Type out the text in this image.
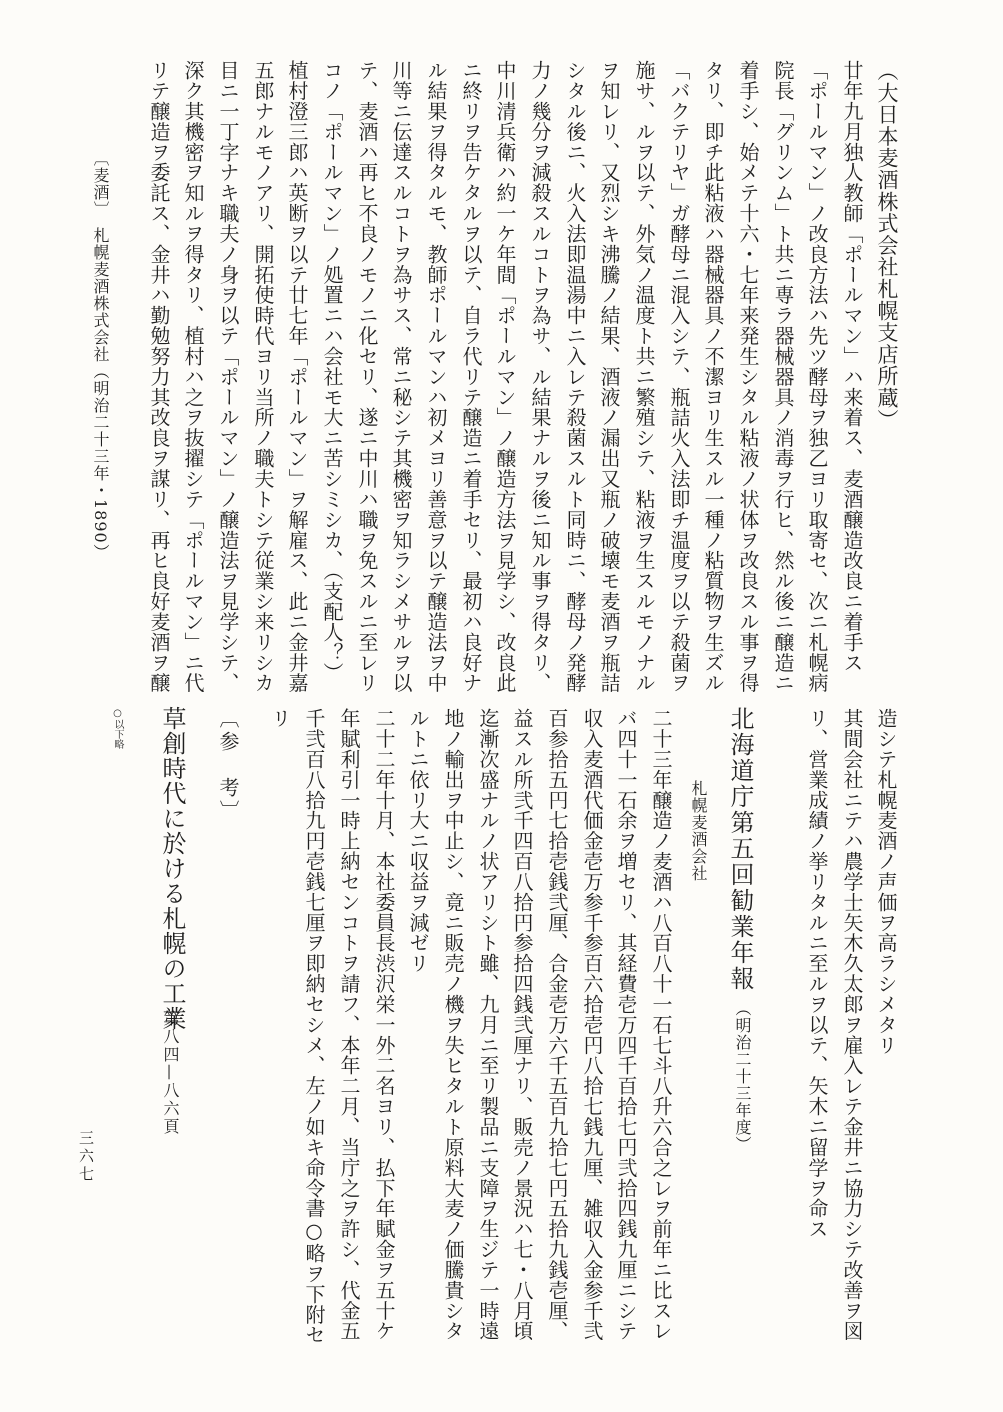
（大日本麦酒株式会社札幌支店所蔵）
廿年九月独人教師「ポールマン」ハ来着ス、麦酒醸造改良ニ着手ス
「ポールマン」ノ改良方法ハ先ツ酵母ヲ独乙ヨリ取寄セ、次ニ札幌病
院長「グリンム」ト共ニ専ラ器械器具ノ消毒ヲ行ヒ、然ル後ニ醸造ニ
着手シ、始メテ十六・七年来発生シタル粘液ノ状体ヲ改良スル事ヲ得
タリ、即チ此粘液ハ器械器具ノ不潔ヨリ生スル一種ノ粘質物ヲ生ズル
「バクテリヤ」ガ酵母ニ混入シテ、瓶詰火入法即チ温度ヲ以テ殺菌ヲ
施サ、ルヲ以テ、外気ノ温度ト共ニ繁殖シテ、粘液ヲ生スルモノナル
ヲ知レリ、又烈シキ沸騰ノ結果、酒液ノ漏出又瓶ノ破壊モ麦酒ヲ瓶詰
シタル後ニ、火入法即温湯中ニ入レテ殺菌スルト同時ニ、酵母ノ発酵
力ノ幾分ヲ減殺スルコトヲ為サ、ル結果ナルヲ後ニ知ル事ヲ得タリ、
中川清兵衛ハ約一ケ年間「ポールマン」ノ醸造方法ヲ見学シ、改良此
ニ終リヲ告ケタルヲ以テ、自ラ代リテ醸造ニ着手セリ、最初ハ良好ナ
ル結果ヲ得タルモ、教師ポールマンハ初メヨリ善意ヲ以テ醸造法ヲ中
川等ニ伝達スルコトヲ為サス、常ニ秘シテ其機密ヲ知ラシメサルヲ以
テ、麦酒ハ再ヒ不良ノモノニ化セリ、遂ニ中川ハ職ヲ免スルニ至レリ
コノ「ポールマン」ノ処置ニハ会社モ大ニ苦シミシカ、（支配人？）
植村澄三郎ハ英断ヲ以テ廿七年「ポールマン」ヲ解雇ス、此ニ金井嘉
五郎ナルモノアリ、開拓使時代ヨリ当所ノ職夫トシテ従業シ来リシカ
目ニ一丁字ナキ職夫ノ身ヲ以テ「ポールマン」ノ醸造法ヲ見学シテ、
深ク其機密ヲ知ルヲ得タリ、植村ハ之ヲ抜擢シテ「ポールマン」ニ代
リテ醸造ヲ委託ス、金井ハ勤勉努力其改良ヲ謀リ、再ヒ良好麦酒ヲ醸
〔麦酒〕　札幌麦酒株式会社（明治二十三年・1890）
造シテ札幌麦酒ノ声価ヲ高ラシメタリ
其間会社ニテハ農学士矢木久太郎ヲ雇入レテ金井ニ協力シテ改善ヲ図
リ、営業成績ノ挙リタルニ至ルヲ以テ、矢木ニ留学ヲ命ス
北海道庁第五回勧業年報
（明治二十三年度）
札幌麦酒会社
二十三年醸造ノ麦酒ハ八百八十一石七斗八升六合之レヲ前年ニ比スレ
バ四十一石余ヲ増セリ、其経費壱万四千百拾七円弐拾四銭九厘ニシテ
収入麦酒代価金壱万参千参百六拾壱円八拾七銭九厘、雑収入金参千弐
百参拾五円七拾壱銭弐厘、合金壱万六千五百九拾七円五拾九銭壱厘、
益スル所弐千四百八拾円参拾四銭弐厘ナリ、販売ノ景況ハ七・八月頃
迄漸次盛ナルノ状アリシト雖、九月ニ至リ製品ニ支障ヲ生ジテ一時遠
地ノ輸出ヲ中止シ、竟ニ販売ノ機ヲ失ヒタルト原料大麦ノ価騰貴シタ
ルトニ依リ大ニ収益ヲ減ゼリ
二十二年十月、本社委員長渋沢栄一外二名ヨリ、払下年賦金ヲ五十ケ
年賦利引一時上納センコトヲ請フ、本年二月、当庁之ヲ許シ、代金五
千弐百八拾九円壱銭七厘ヲ即納セシメ、左ノ如キ命令書○略ヲ下附セ
リ
〔参　考〕
草創時代に於ける札幌の工業
第八四—八六頁
○以下略
三六七
